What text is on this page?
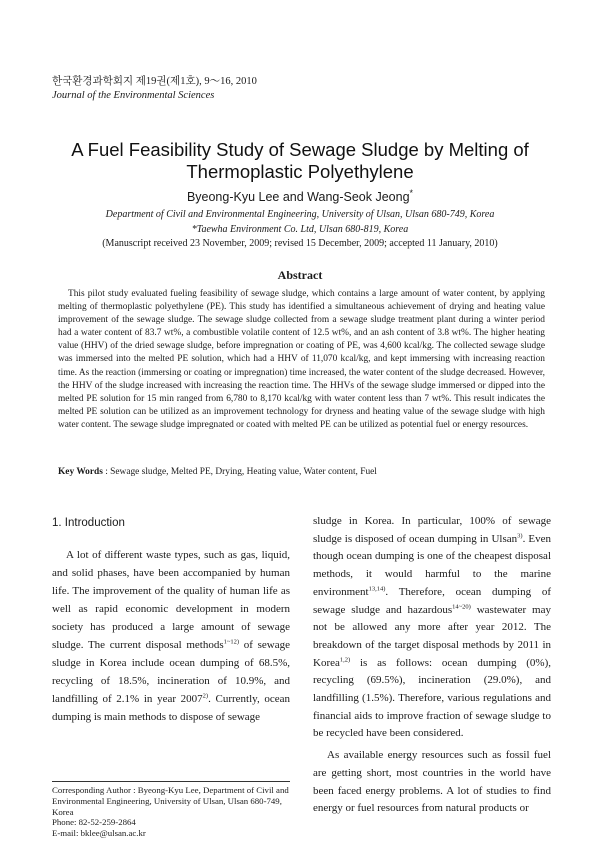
한국환경과학회지 제19권(제1호), 9～16, 2010
Journal of the Environmental Sciences
A Fuel Feasibility Study of Sewage Sludge by Melting of
Thermoplastic Polyethylene
Byeong-Kyu Lee and Wang-Seok Jeong*
Department of Civil and Environmental Engineering, University of Ulsan, Ulsan 680-749, Korea
*Taewha Environment Co. Ltd, Ulsan 680-819, Korea
(Manuscript received 23 November, 2009; revised 15 December, 2009; accepted 11 January, 2010)
Abstract
This pilot study evaluated fueling feasibility of sewage sludge, which contains a large amount of water content, by applying melting of thermoplastic polyethylene (PE). This study has identified a simultaneous achievement of drying and heating value improvement of the sewage sludge. The sewage sludge collected from a sewage sludge treatment plant during a winter period had a water content of 83.7 wt%, a combustible volatile content of 12.5 wt%, and an ash content of 3.8 wt%. The higher heating value (HHV) of the dried sewage sludge, before impregnation or coating of PE, was 4,600 kcal/kg. The collected sewage sludge was immersed into the melted PE solution, which had a HHV of 11,070 kcal/kg, and kept immersing with increasing reaction time. As the reaction (immersing or coating or impregnation) time increased, the water content of the sludge decreased. However, the HHV of the sludge increased with increasing the reaction time. The HHVs of the sewage sludge immersed or dipped into the melted PE solution for 15 min ranged from 6,780 to 8,170 kcal/kg with water content less than 7 wt%. This result indicates the melted PE solution can be utilized as an improvement technology for dryness and heating value of the sewage sludge with high water content. The sewage sludge impregnated or coated with melted PE can be utilized as potential fuel or energy resources.
Key Words : Sewage sludge, Melted PE, Drying, Heating value, Water content, Fuel
1. Introduction

A lot of different waste types, such as gas, liquid, and solid phases, have been accompanied by human life. The improvement of the quality of human life as well as rapid economic development in modern society has produced a large amount of sewage sludge. The current disposal methods$^{1\sim 12)}$ of sewage sludge in Korea include ocean dumping of 68.5%, recycling of 18.5%, incineration of 10.9%, and landfilling of 2.1% in year 2007$^{2)}$. Currently, ocean dumping is main methods to dispose of sewage

Corresponding Author : Byeong-Kyu Lee, Department of Civil and Environmental Engineering, University of Ulsan, Ulsan 680-749, Korea
Phone: 82-52-259-2864
E-mail: bklee@ulsan.ac.kr

sludge in Korea. In particular, 100% of sewage sludge is disposed of ocean dumping in Ulsan$^{3)}$. Even though ocean dumping is one of the cheapest disposal methods, it would harmful to the marine environment$^{13,14)}$. Therefore, ocean dumping of sewage sludge and hazardous$^{14\sim 20)}$ wastewater may not be allowed any more after year 2012. The breakdown of the target disposal methods by 2011 in Korea$^{1,2)}$ is as follows: ocean dumping (0%), recycling (69.5%), incineration (29.0%), and landfilling (1.5%). Therefore, various regulations and financial aids to improve fraction of sewage sludge to be recycled have been considered.

As available energy resources such as fossil fuel are getting short, most countries in the world have been faced energy problems. A lot of studies to find energy or fuel resources from natural products or
